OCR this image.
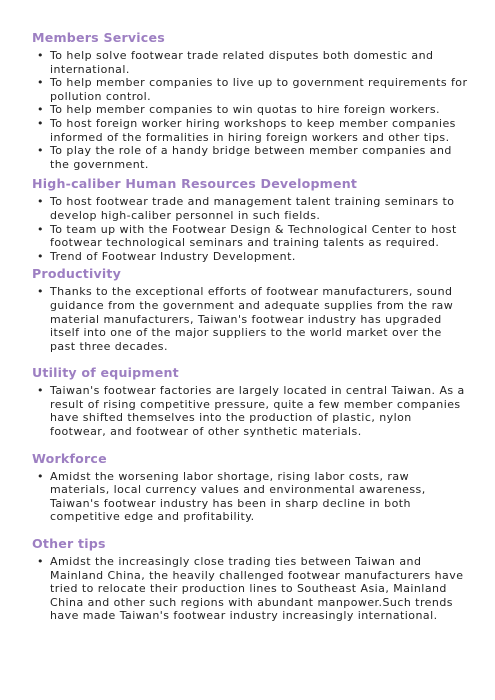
Members Services
• To help solve footwear trade related disputes both domestic and international.
• To help member companies to live up to government requirements for pollution control.
• To help member companies to win quotas to hire foreign workers.
• To host foreign worker hiring workshops to keep member companies informed of the formalities in hiring foreign workers and other tips.
• To play the role of a handy bridge between member companies and the government.
High-caliber Human Resources Development
• To host footwear trade and management talent training seminars to develop high-caliber personnel in such fields.
• To team up with the Footwear Design & Technological Center to host footwear technological seminars and training talents as required.
• Trend of Footwear Industry Development.
Productivity
• Thanks to the exceptional efforts of footwear manufacturers, sound guidance from the government and adequate supplies from the raw material manufacturers, Taiwan's footwear industry has upgraded itself into one of the major suppliers to the world market over the past three decades.
Utility of equipment
• Taiwan's footwear factories are largely located in central Taiwan. As a result of rising competitive pressure, quite a few member companies have shifted themselves into the production of plastic, nylon footwear, and footwear of other synthetic materials.
Workforce
• Amidst the worsening labor shortage, rising labor costs, raw materials, local currency values and environmental awareness, Taiwan's footwear industry has been in sharp decline in both competitive edge and profitability.
Other tips
• Amidst the increasingly close trading ties between Taiwan and Mainland China, the heavily challenged footwear manufacturers have tried to relocate their production lines to Southeast Asia, Mainland China and other such regions with abundant manpower.Such trends have made Taiwan's footwear industry increasingly international.
